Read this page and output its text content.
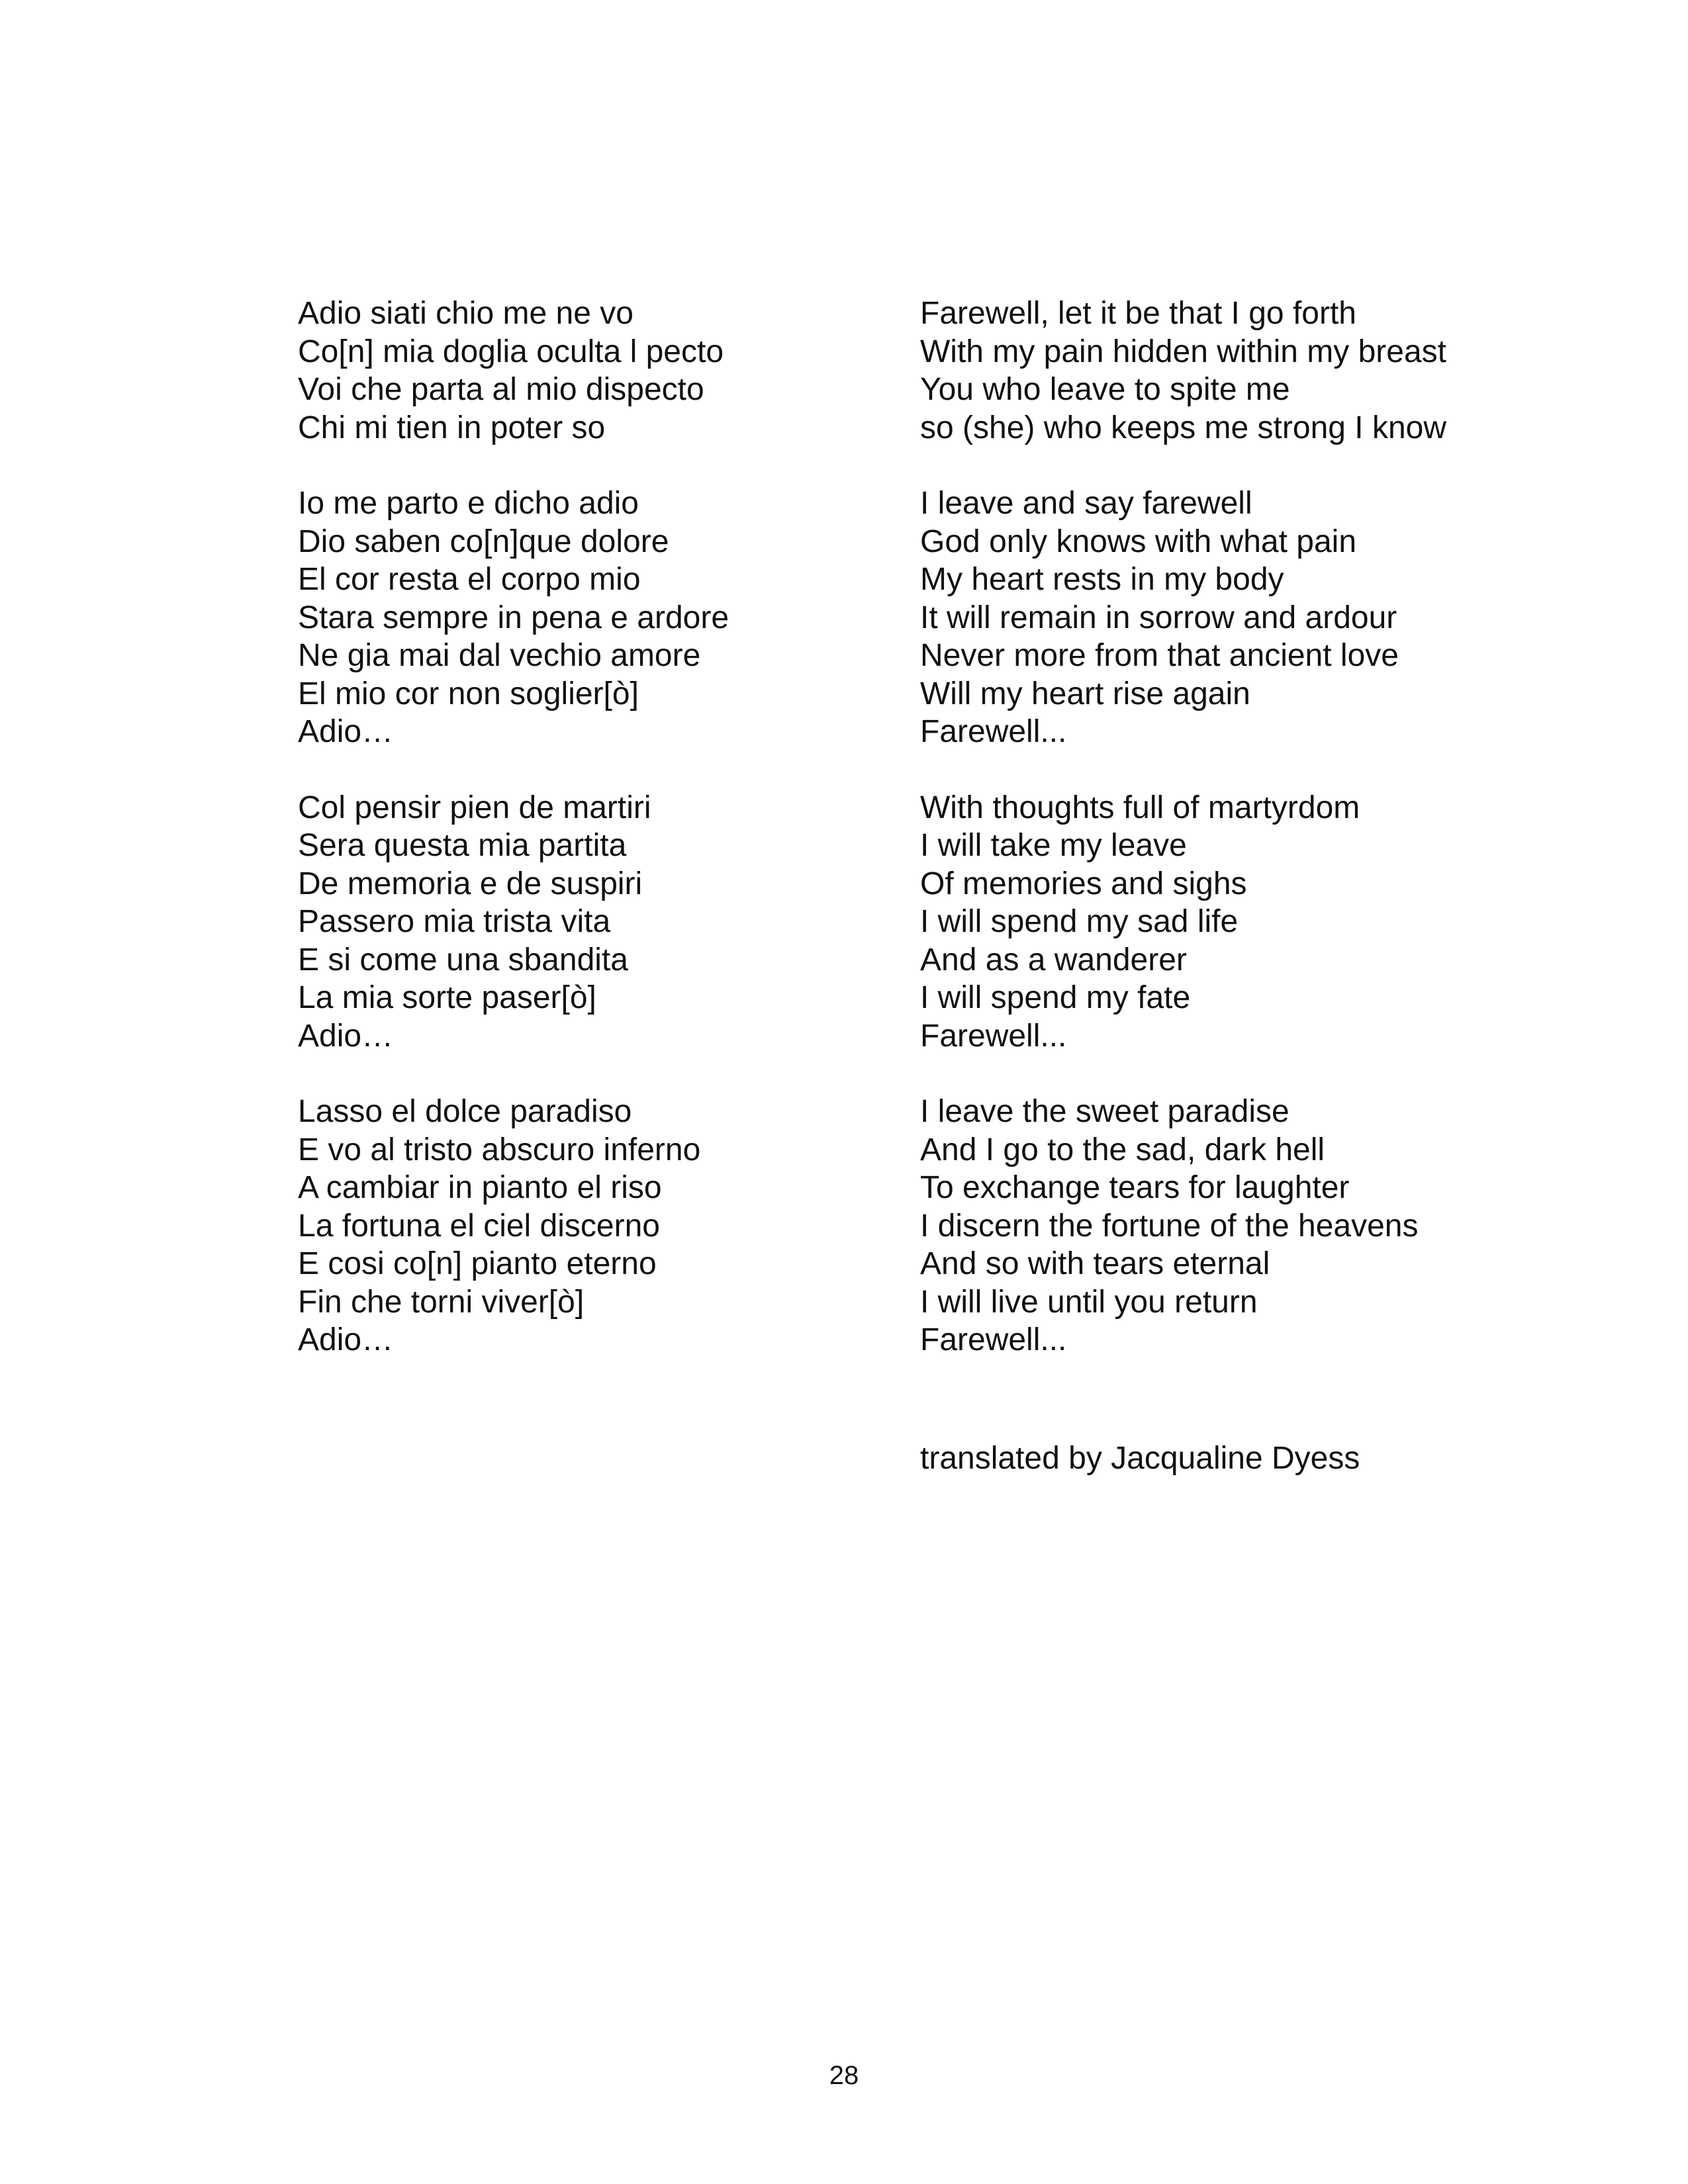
Adio siati chio me ne vo
Co[n] mia doglia oculta l pecto
Voi che parta al mio dispecto
Chi mi tien in poter so
Io me parto e dicho adio
Dio saben co[n]que dolore
El cor resta el corpo mio
Stara sempre in pena e ardore
Ne gia mai dal vechio amore
El mio cor non soglier[ò]
Adio…
Col pensir pien de martiri
Sera questa mia partita
De memoria e de suspiri
Passero mia trista vita
E si come una sbandita
La mia sorte paser[ò]
Adio…
Lasso el dolce paradiso
E vo al tristo abscuro inferno
A cambiar in pianto el riso
La fortuna el ciel discerno
E cosi co[n] pianto eterno
Fin che torni viver[ò]
Adio…
Farewell, let it be that I go forth
With my pain hidden within my breast
You who leave to spite me
so (she) who keeps me strong I know
I leave and say farewell
God only knows with what pain
My heart rests in my body
It will remain in sorrow and ardour
Never more from that ancient love
Will my heart rise again
Farewell...
With thoughts full of martyrdom
I will take my leave
Of memories and sighs
I will spend my sad life
And as a wanderer
I will spend my fate
Farewell...
I leave the sweet paradise
And I go to the sad, dark hell
To exchange tears for laughter
I discern the fortune of the heavens
And so with tears eternal
I will live until you return
Farewell...
translated by Jacqualine Dyess
28
